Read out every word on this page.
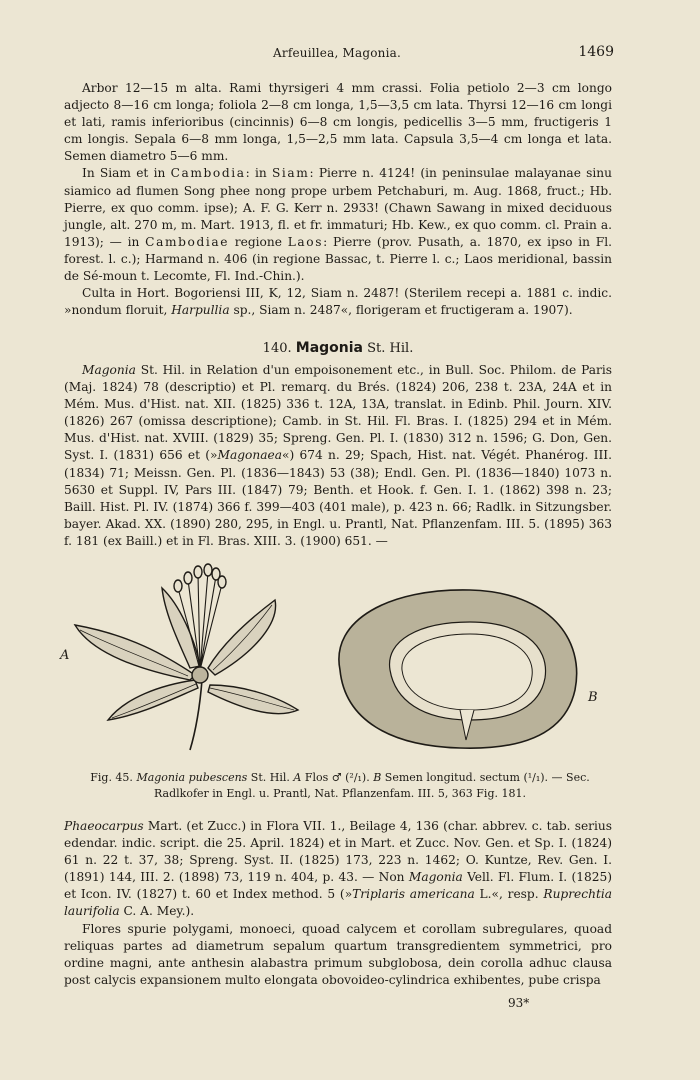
Arfeuillea, Magonia.	1469

Arbor 12—15 m alta. Rami thyrsigeri 4 mm crassi. Folia petiolo 2—3 cm longo adjecto 8—16 cm longa; foliola 2—8 cm longa, 1,5—3,5 cm lata. Thyrsi 12—16 cm longi et lati, ramis inferioribus (cincinnis) 6—8 cm longis, pedicellis 3—5 mm, fructigeris 1 cm longis. Sepala 6—8 mm longa, 1,5—2,5 mm lata. Capsula 3,5—4 cm longa et lata. Semen diametro 5—6 mm.

In Siam et in Cambodia: in Siam: Pierre n. 4124! (in peninsulae malayanae sinu siamico ad flumen Song phee nong prope urbem Petchaburi, m. Aug. 1868, fruct.; Hb. Pierre, ex quo comm. ipse); A. F. G. Kerr n. 2933! (Chawn Sawang in mixed deciduous jungle, alt. 270 m, m. Mart. 1913, fl. et fr. immaturi; Hb. Kew., ex quo comm. cl. Prain a. 1913); — in Cambodiae regione Laos: Pierre (prov. Pusath, a. 1870, ex ipso in Fl. forest. l. c.); Harmand n. 406 (in regione Bassac, t. Pierre l. c.; Laos meridional, bassin de Sé-moun t. Lecomte, Fl. Ind.-Chin.).

Culta in Hort. Bogoriensi III, K, 12, Siam n. 2487! (Sterilem recepi a. 1881 c. indic. »nondum floruit, Harpullia sp., Siam n. 2487«, florigeram et fructigeram a. 1907).

140. Magonia St. Hil.

Magonia St. Hil. in Relation d'un empoisonement etc., in Bull. Soc. Philom. de Paris (Maj. 1824) 78 (descriptio) et Pl. remarq. du Brés. (1824) 206, 238 t. 23A, 24A et in Mém. Mus. d'Hist. nat. XII. (1825) 336 t. 12A, 13A, translat. in Edinb. Phil. Journ. XIV. (1826) 267 (omissa descriptione); Camb. in St. Hil. Fl. Bras. I. (1825) 294 et in Mém. Mus. d'Hist. nat. XVIII. (1829) 35; Spreng. Gen. Pl. I. (1830) 312 n. 1596; G. Don, Gen. Syst. I. (1831) 656 et (»Magonaea«) 674 n. 29; Spach, Hist. nat. Végét. Phanérog. III. (1834) 71; Meissn. Gen. Pl. (1836—1843) 53 (38); Endl. Gen. Pl. (1836—1840) 1073 n. 5630 et Suppl. IV, Pars III. (1847) 79; Benth. et Hook. f. Gen. I. 1. (1862) 398 n. 23; Baill. Hist. Pl. IV. (1874) 366 f. 399—403 (401 male), p. 423 n. 66; Radlk. in Sitzungsber. bayer. Akad. XX. (1890) 280, 295, in Engl. u. Prantl, Nat. Pflanzenfam. III. 5. (1895) 363 f. 181 (ex Baill.) et in Fl. Bras. XIII. 3. (1900) 651. —

A
B
Fig. 45. Magonia pubescens St. Hil. A Flos ♂ (²/₁). B Semen longitud. sectum (¹/₁). — Sec.
Radlkofer in Engl. u. Prantl, Nat. Pflanzenfam. III. 5, 363 Fig. 181.

Phaeocarpus Mart. (et Zucc.) in Flora VII. 1., Beilage 4, 136 (char. abbrev. c. tab. serius edendar. indic. script. die 25. April. 1824) et in Mart. et Zucc. Nov. Gen. et Sp. I. (1824) 61 n. 22 t. 37, 38; Spreng. Syst. II. (1825) 173, 223 n. 1462; O. Kuntze, Rev. Gen. I. (1891) 144, III. 2. (1898) 73, 119 n. 404, p. 43. — Non Magonia Vell. Fl. Flum. I. (1825) et Icon. IV. (1827) t. 60 et Index method. 5 (»Triplaris americana L.«, resp. Ruprechtia laurifolia C. A. Mey.).

Flores spurie polygami, monoeci, quoad calycem et corollam subregulares, quoad reliquas partes ad diametrum sepalum quartum transgredientem symmetrici, pro ordine magni, ante anthesin alabastra primum subglobosa, dein corolla adhuc clausa post calycis expansionem multo elongata obovoideo-cylindrica exhibentes, pube crispa

93*
